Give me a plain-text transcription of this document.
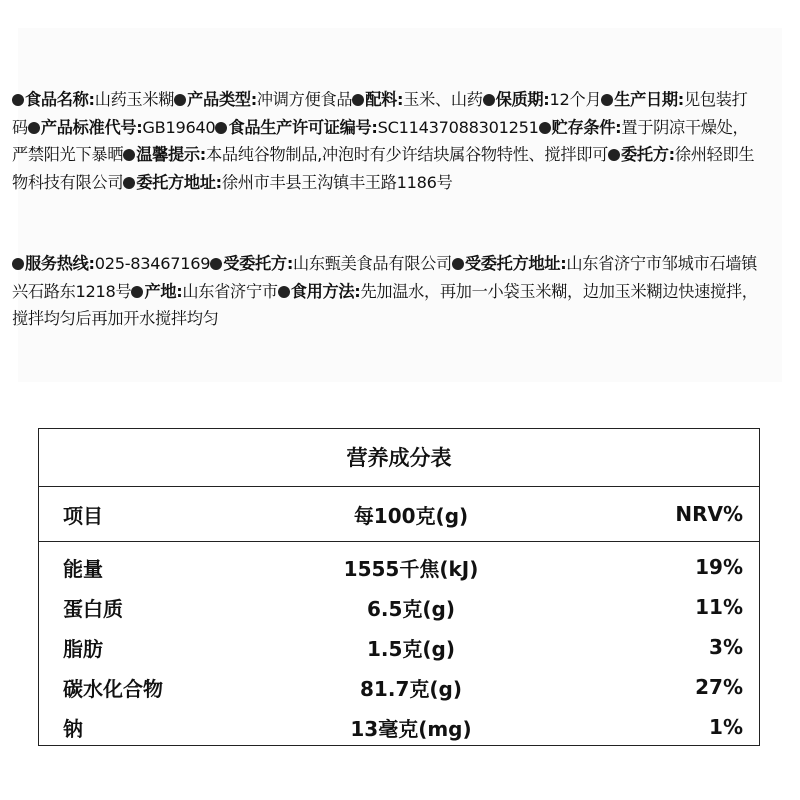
食品名称:山药玉米糊 产品类型:冲调方便食品 配料:玉米、山药 保质期:12个月 生产日期:见包装打码 产品标准代号:GB19640 食品生产许可证编号:SC11437088301251 贮存条件:置于阴凉干燥处，严禁阳光下暴晒 温馨提示:本品纯谷物制品,冲泡时有少许结块属谷物特性、搅拌即可 委托方:徐州轻即生物科技有限公司 委托方地址:徐州市丰县王沟镇丰王路1186号

服务热线:025-83467169 受委托方:山东甄美食品有限公司 受委托方地址:山东省济宁市邹城市石墙镇兴石路东1218号 产地:山东省济宁市 食用方法:先加温水，再加一小袋玉米糊，边加玉米糊边快速搅拌，搅拌均匀后再加开水搅拌均匀

营养成分表
项目	每100克(g)	NRV%
能量	1555千焦(kJ)	19%
蛋白质	6.5克(g)	11%
脂肪	1.5克(g)	3%
碳水化合物	81.7克(g)	27%
钠	13毫克(mg)	1%
